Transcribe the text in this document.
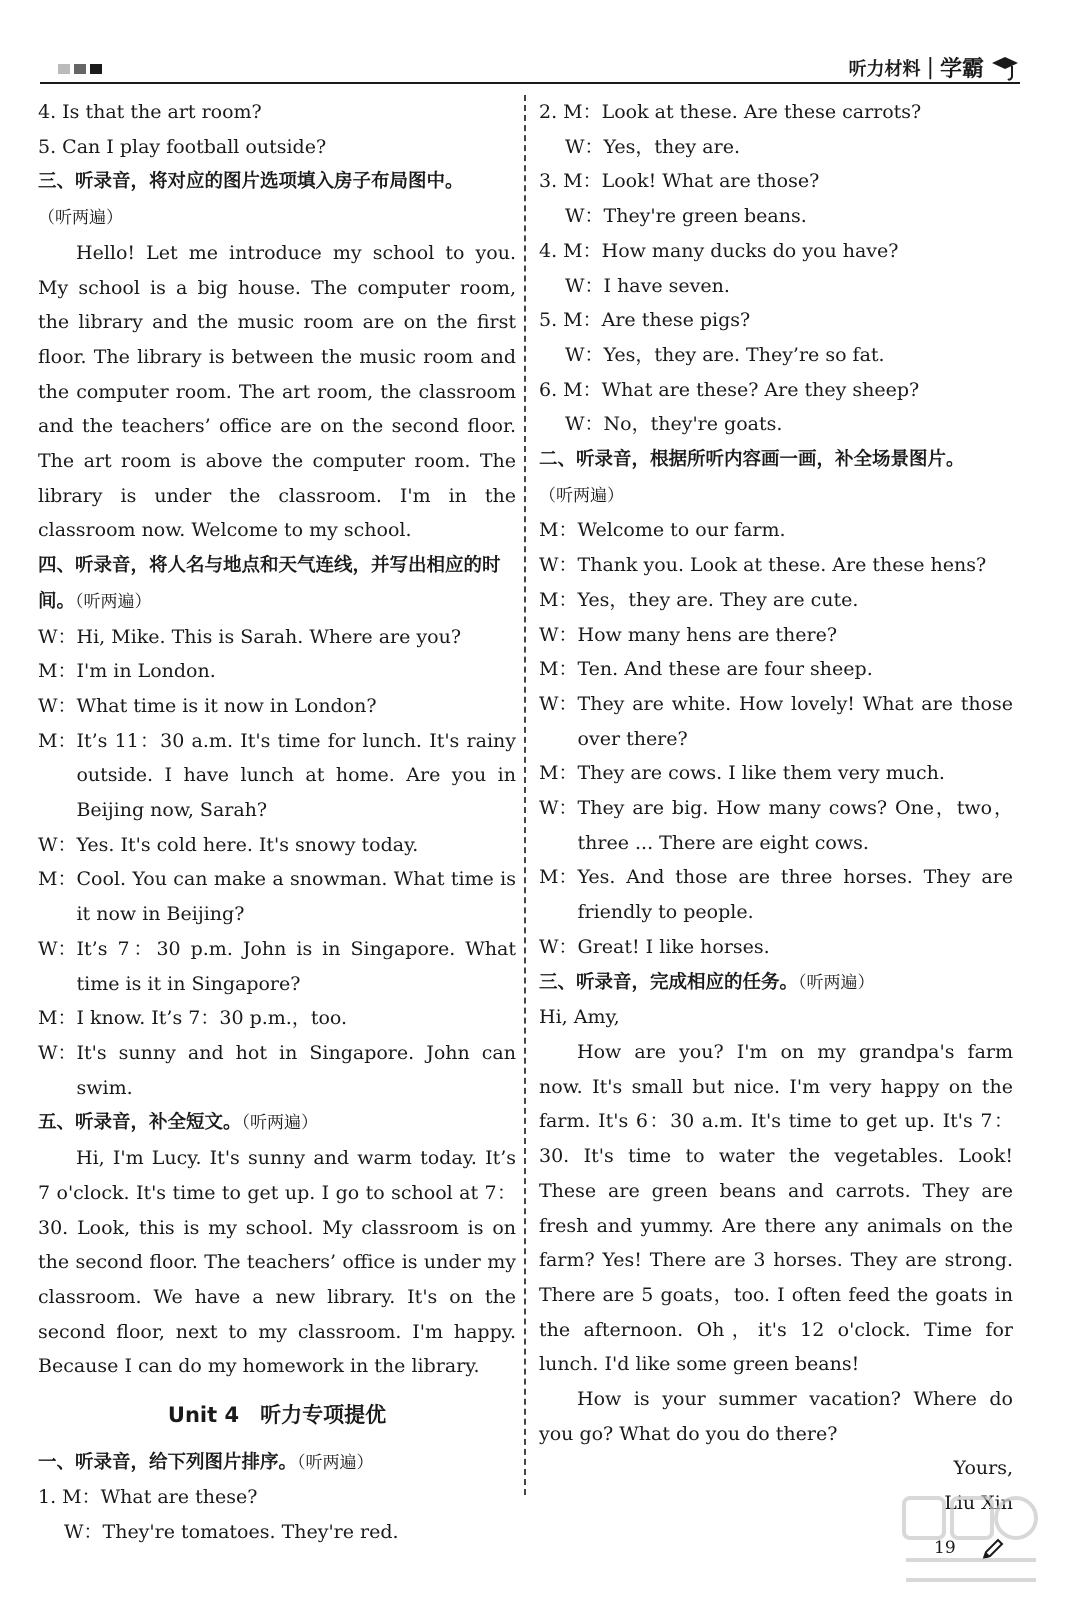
听力材料 | 学霸

4. Is that the art room?

5. Can I play football outside?

三、听录音，将对应的图片选项填入房子布局图中。
（听两遍）

Hello! Let me introduce my school to you. My school is a big house. The computer room, the library and the music room are on the first floor. The library is between the music room and the computer room. The art room, the classroom and the teachers’ office are on the second floor. The art room is above the computer room. The library is under the classroom. I'm in the classroom now. Welcome to my school.

四、听录音，将人名与地点和天气连线，并写出相应的时间。（听两遍）

W： Hi, Mike. This is Sarah. Where are you?
M： I'm in London.
W： What time is it now in London?
M： It’s 11：30 a.m. It's time for lunch. It's rainy outside. I have lunch at home. Are you in Beijing now, Sarah?
W： Yes. It's cold here. It's snowy today.
M： Cool. You can make a snowman. What time is it now in Beijing?
W： It’s 7：30 p.m. John is in Singapore. What time is it in Singapore?
M： I know. It’s 7：30 p.m.，too.
W： It's sunny and hot in Singapore. John can swim.

五、听录音，补全短文。（听两遍）

Hi, I'm Lucy. It's sunny and warm today. It’s 7 o'clock. It's time to get up. I go to school at 7：30. Look, this is my school. My classroom is on the second floor. The teachers’ office is under my classroom. We have a new library. It's on the second floor, next to my classroom. I'm happy. Because I can do my homework in the library.

Unit 4　听力专项提优

一、听录音，给下列图片排序。（听两遍）

1. M：What are these?

W：They're tomatoes. They're red.

2. M：Look at these. Are these carrots?

W：Yes，they are.

3. M：Look! What are those?

W：They're green beans.

4. M：How many ducks do you have?

W：I have seven.

5. M：Are these pigs?

W：Yes，they are. They’re so fat.

6. M：What are these? Are they sheep?

W：No，they're goats.

二、听录音，根据所听内容画一画，补全场景图片。
（听两遍）

M： Welcome to our farm.
W： Thank you. Look at these. Are these hens?
M： Yes，they are. They are cute.
W： How many hens are there?
M： Ten. And these are four sheep.
W： They are white. How lovely! What are those over there?
M： They are cows. I like them very much.
W： They are big. How many cows? One，two，three ... There are eight cows.
M： Yes. And those are three horses. They are friendly to people.
W： Great! I like horses.

三、听录音，完成相应的任务。（听两遍）

Hi, Amy,

How are you? I'm on my grandpa's farm now. It's small but nice. I'm very happy on the farm. It's 6：30 a.m. It's time to get up. It's 7：30. It's time to water the vegetables. Look! These are green beans and carrots. They are fresh and yummy. Are there any animals on the farm? Yes! There are 3 horses. They are strong. There are 5 goats，too. I often feed the goats in the afternoon. Oh，it's 12 o'clock. Time for lunch. I'd like some green beans!

How is your summer vacation? Where do you go? What do you do there?

Yours,

Liu Xin

19
